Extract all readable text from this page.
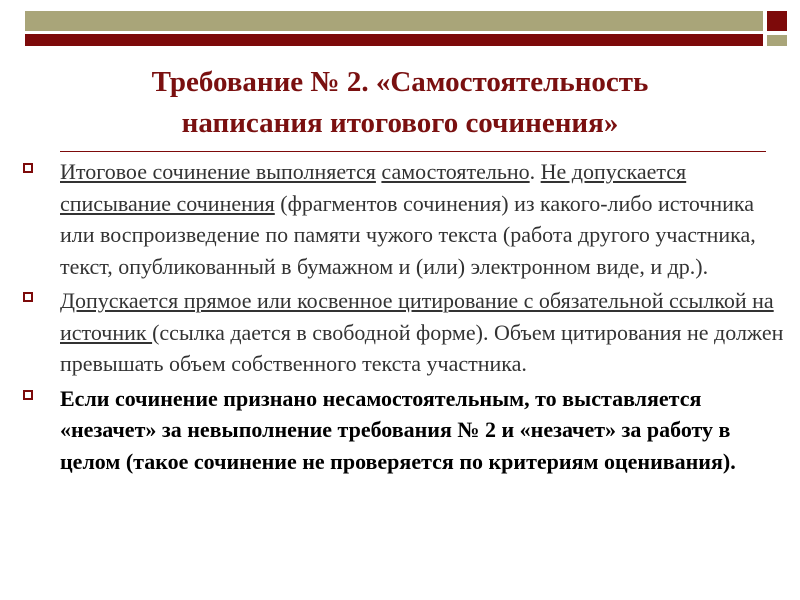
Требование № 2. «Самостоятельность
написания итогового сочинения»
Итоговое сочинение выполняется самостоятельно. Не допускается списывание сочинения (фрагментов сочинения) из какого-либо источника или воспроизведение по памяти чужого текста (работа другого участника, текст, опубликованный в бумажном и (или) электронном виде, и др.).
Допускается прямое или косвенное цитирование с обязательной ссылкой на источник (ссылка дается в свободной форме). Объем цитирования не должен превышать объем собственного текста участника.
Если сочинение признано несамостоятельным, то выставляется «незачет» за невыполнение требования № 2 и «незачет» за работу в целом (такое сочинение не проверяется по критериям оценивания).
